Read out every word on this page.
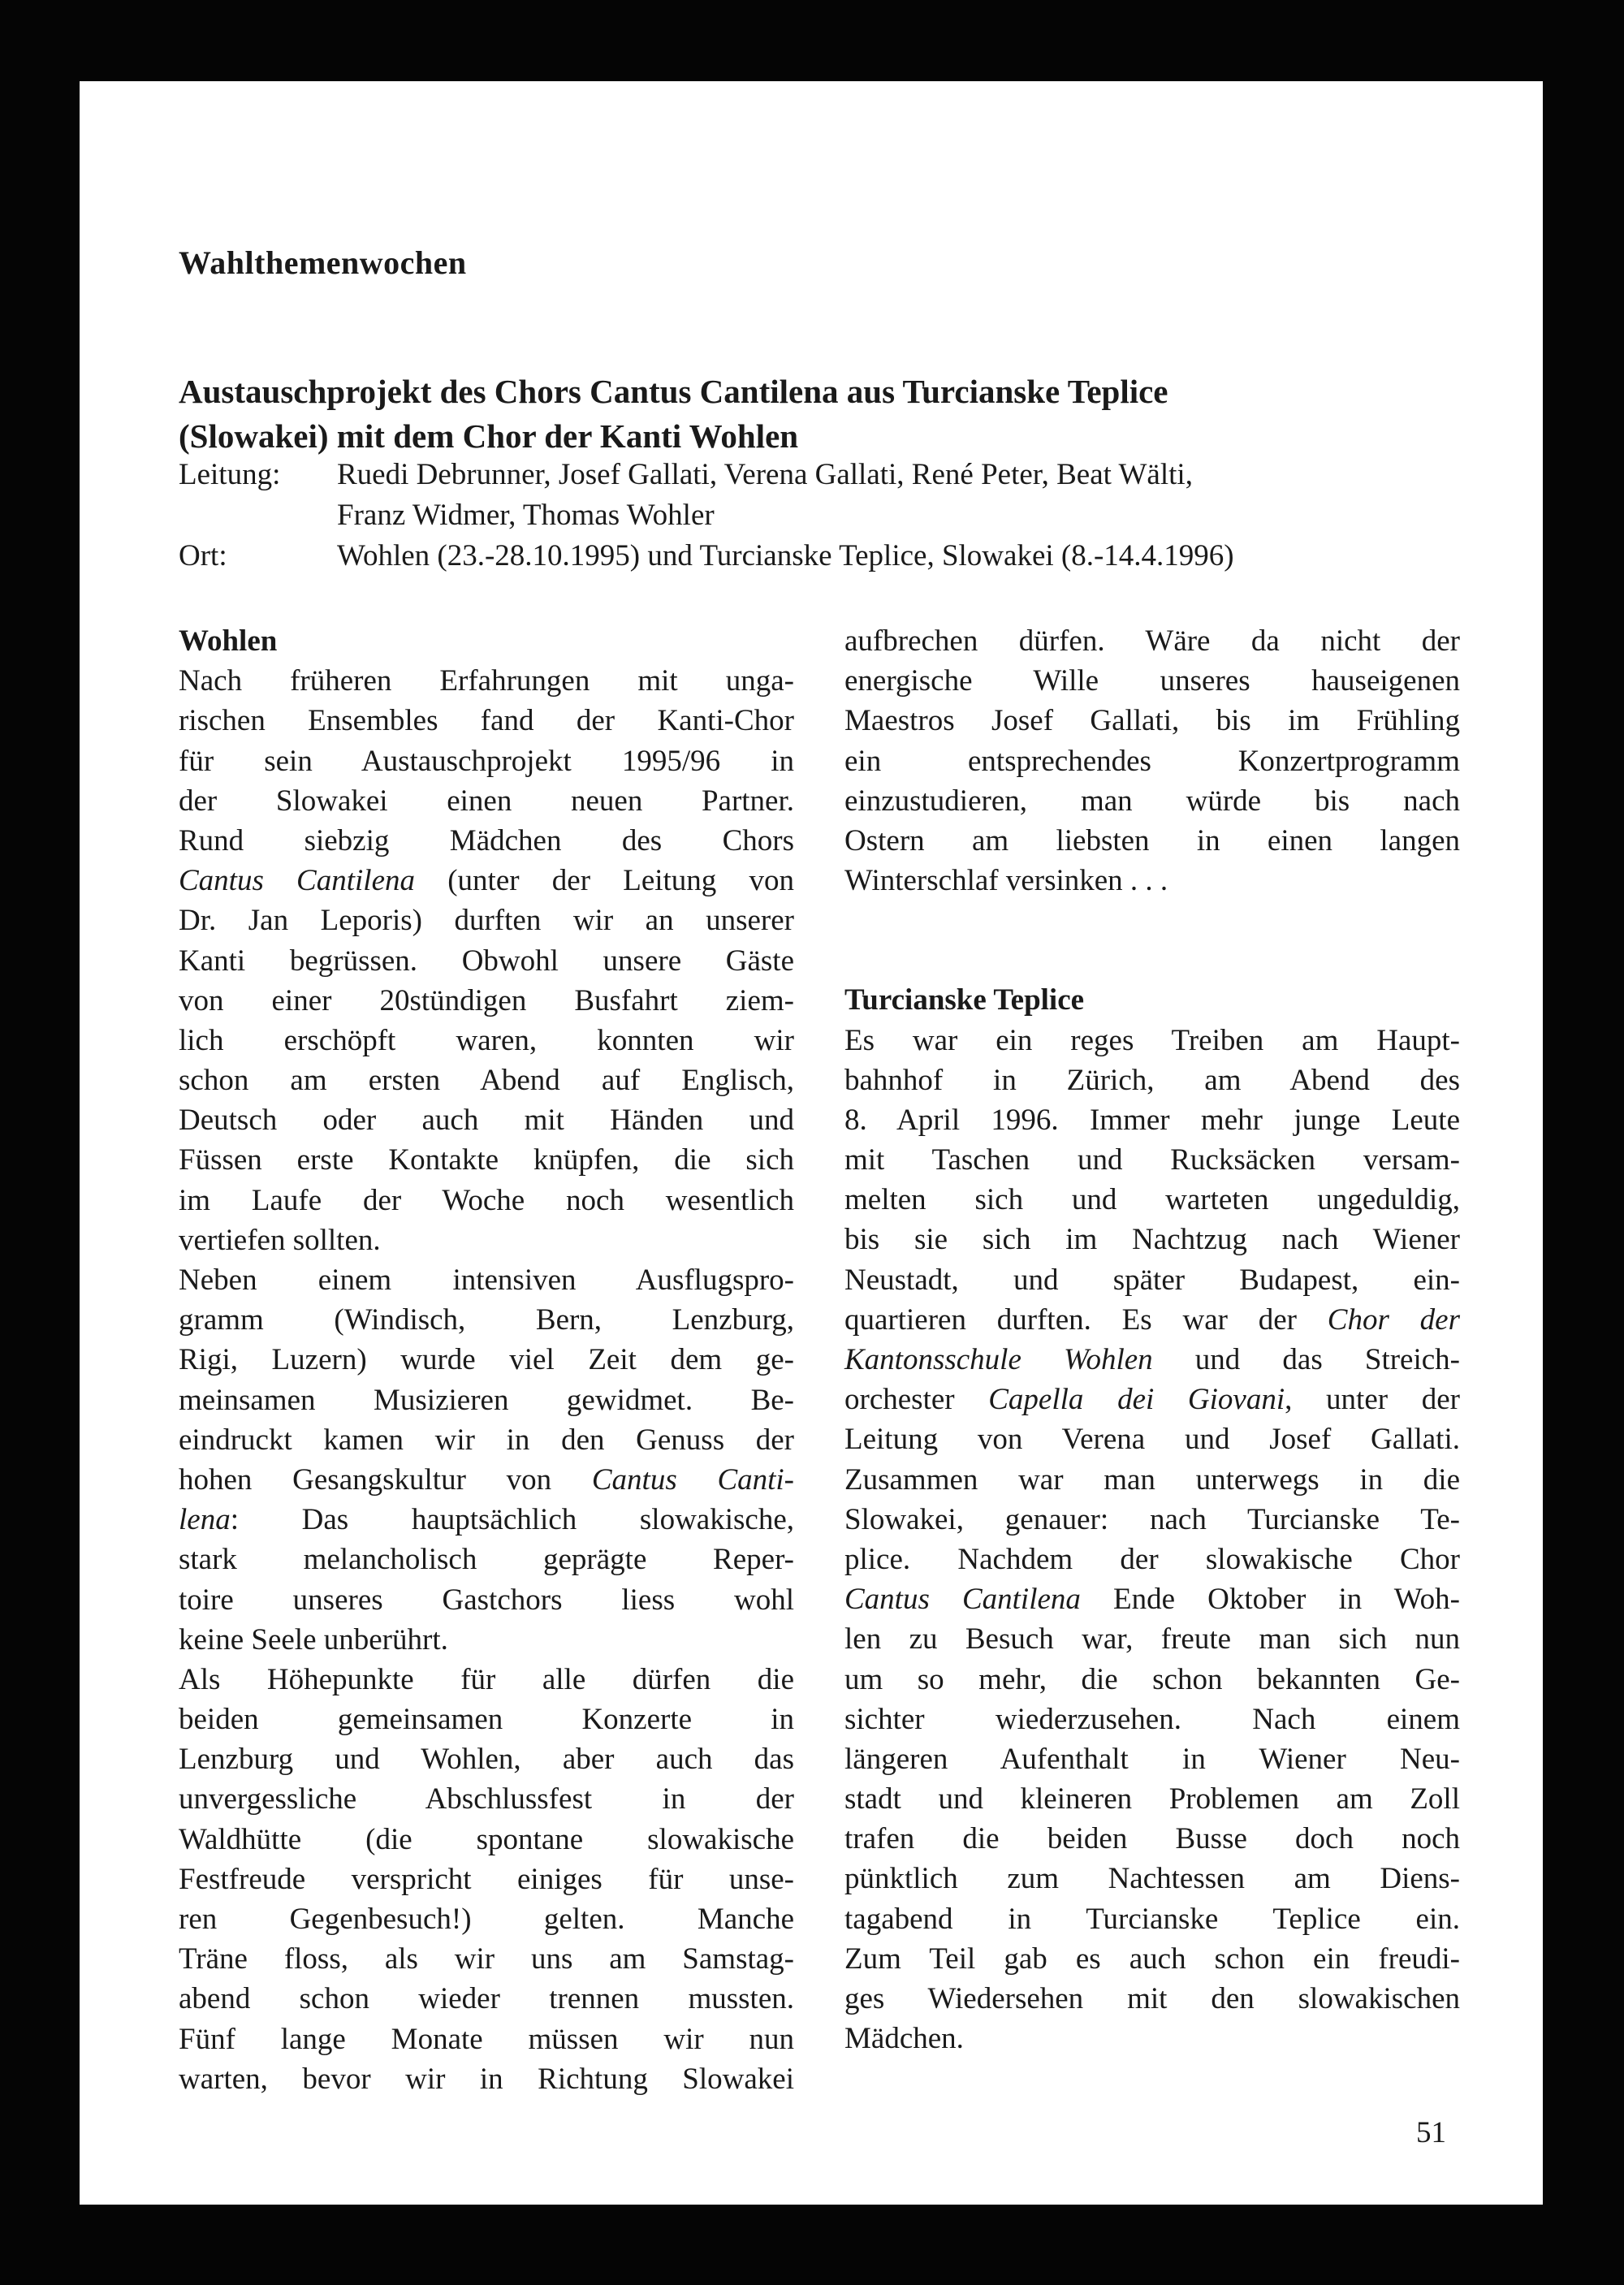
Wahlthemenwochen
Austauschprojekt des Chors Cantus Cantilena aus Turcianske Teplice
(Slowakei) mit dem Chor der Kanti Wohlen
Leitung:	Ruedi Debrunner, Josef Gallati, Verena Gallati, René Peter, Beat Wälti,
Franz Widmer, Thomas Wohler
Ort:	Wohlen (23.-28.10.1995) und Turcianske Teplice, Slowakei (8.-14.4.1996)
Wohlen
Nach früheren Erfahrungen mit unga-
rischen Ensembles fand der Kanti-Chor
für sein Austauschprojekt 1995/96 in
der Slowakei einen neuen Partner.
Rund siebzig Mädchen des Chors
Cantus Cantilena (unter der Leitung von
Dr. Jan Leporis) durften wir an unserer
Kanti begrüssen. Obwohl unsere Gäste
von einer 20stündigen Busfahrt ziem-
lich erschöpft waren, konnten wir
schon am ersten Abend auf Englisch,
Deutsch oder auch mit Händen und
Füssen erste Kontakte knüpfen, die sich
im Laufe der Woche noch wesentlich
vertiefen sollten.
Neben einem intensiven Ausflugspro-
gramm (Windisch, Bern, Lenzburg,
Rigi, Luzern) wurde viel Zeit dem ge-
meinsamen Musizieren gewidmet. Be-
eindruckt kamen wir in den Genuss der
hohen Gesangskultur von Cantus Canti-
lena: Das hauptsächlich slowakische,
stark melancholisch geprägte Reper-
toire unseres Gastchors liess wohl
keine Seele unberührt.
Als Höhepunkte für alle dürfen die
beiden gemeinsamen Konzerte in
Lenzburg und Wohlen, aber auch das
unvergessliche Abschlussfest in der
Waldhütte (die spontane slowakische
Festfreude verspricht einiges für unse-
ren Gegenbesuch!) gelten. Manche
Träne floss, als wir uns am Samstag-
abend schon wieder trennen mussten.
Fünf lange Monate müssen wir nun
warten, bevor wir in Richtung Slowakei
aufbrechen dürfen. Wäre da nicht der
energische Wille unseres hauseigenen
Maestros Josef Gallati, bis im Frühling
ein entsprechendes Konzertprogramm
einzustudieren, man würde bis nach
Ostern am liebsten in einen langen
Winterschlaf versinken . . .
Turcianske Teplice
Es war ein reges Treiben am Haupt-
bahnhof in Zürich, am Abend des
8. April 1996. Immer mehr junge Leute
mit Taschen und Rucksäcken versam-
melten sich und warteten ungeduldig,
bis sie sich im Nachtzug nach Wiener
Neustadt, und später Budapest, ein-
quartieren durften. Es war der Chor der
Kantonsschule Wohlen und das Streich-
orchester Capella dei Giovani, unter der
Leitung von Verena und Josef Gallati.
Zusammen war man unterwegs in die
Slowakei, genauer: nach Turcianske Te-
plice. Nachdem der slowakische Chor
Cantus Cantilena Ende Oktober in Woh-
len zu Besuch war, freute man sich nun
um so mehr, die schon bekannten Ge-
sichter wiederzusehen. Nach einem
längeren Aufenthalt in Wiener Neu-
stadt und kleineren Problemen am Zoll
trafen die beiden Busse doch noch
pünktlich zum Nachtessen am Diens-
tagabend in Turcianske Teplice ein.
Zum Teil gab es auch schon ein freudi-
ges Wiedersehen mit den slowakischen
Mädchen.
51
